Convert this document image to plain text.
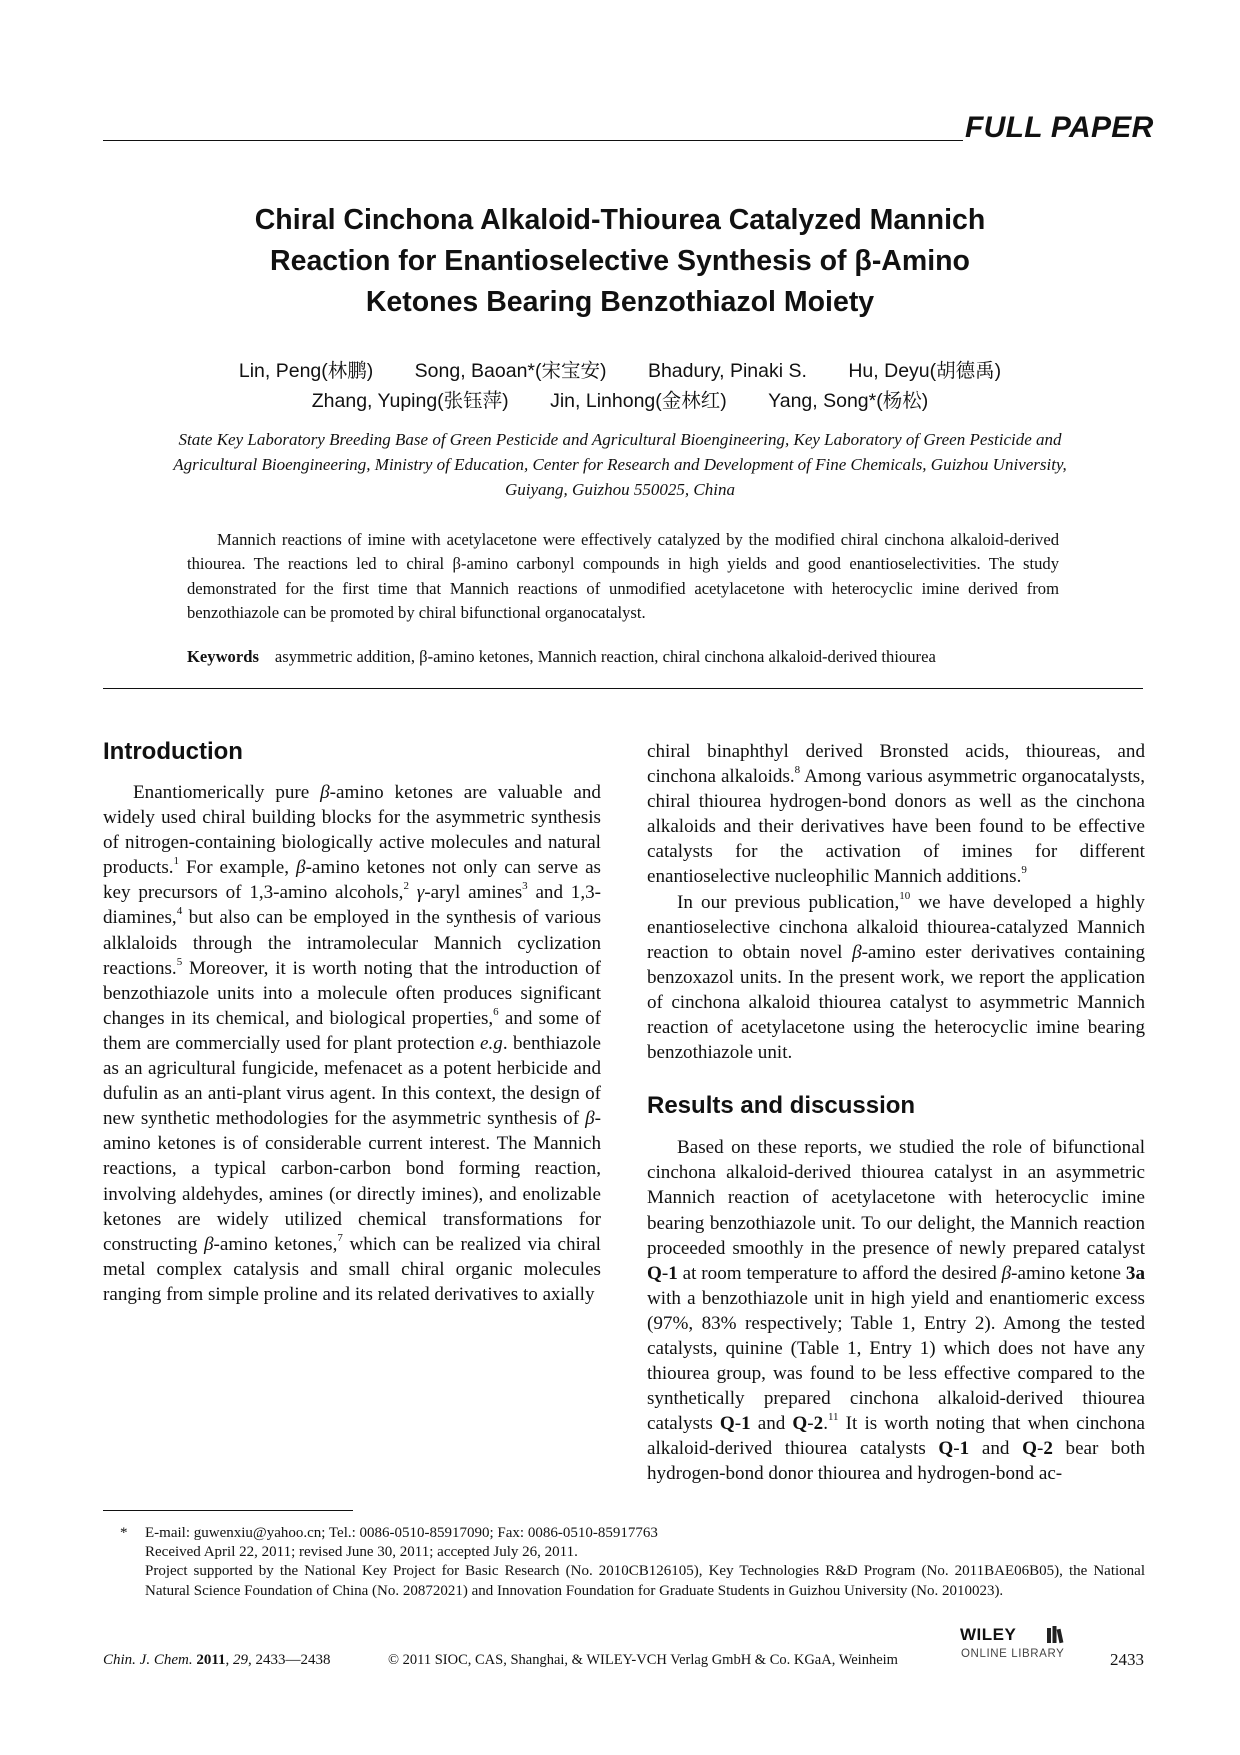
FULL PAPER
Chiral Cinchona Alkaloid-Thiourea Catalyzed Mannich
Reaction for Enantioselective Synthesis of β-Amino
Ketones Bearing Benzothiazol Moiety
Lin, Peng(林鹏) Song, Baoan*(宋宝安) Bhadury, Pinaki S. Hu, Deyu(胡德禹)
Zhang, Yuping(张钰萍) Jin, Linhong(金林红) Yang, Song*(杨松)
State Key Laboratory Breeding Base of Green Pesticide and Agricultural Bioengineering, Key Laboratory of Green Pesticide and Agricultural Bioengineering, Ministry of Education, Center for Research and Development of Fine Chemicals, Guizhou University, Guiyang, Guizhou 550025, China
Mannich reactions of imine with acetylacetone were effectively catalyzed by the modified chiral cinchona alkaloid-derived thiourea. The reactions led to chiral β-amino carbonyl compounds in high yields and good enantioselectivities. The study demonstrated for the first time that Mannich reactions of unmodified acetylacetone with heterocyclic imine derived from benzothiazole can be promoted by chiral bifunctional organocatalyst.
Keywords asymmetric addition, β-amino ketones, Mannich reaction, chiral cinchona alkaloid-derived thiourea
Introduction

Enantiomerically pure β-amino ketones are valuable and widely used chiral building blocks for the asymmetric synthesis of nitrogen-containing biologically active molecules and natural products.$^1$ For example, β-amino ketones not only can serve as key precursors of 1,3-amino alcohols,$^2$ γ-aryl amines$^3$ and 1,3-diamines,$^4$ but also can be employed in the synthesis of various alklaloids through the intramolecular Mannich cyclization reactions.$^5$ Moreover, it is worth noting that the introduction of benzothiazole units into a molecule often produces significant changes in its chemical, and biological properties,$^6$ and some of them are commercially used for plant protection e.g. benthiazole as an agricultural fungicide, mefenacet as a potent herbicide and dufulin as an anti-plant virus agent. In this context, the design of new synthetic methodologies for the asymmetric synthesis of β-amino ketones is of considerable current interest. The Mannich reactions, a typical carbon-carbon bond forming reaction, involving aldehydes, amines (or directly imines), and enolizable ketones are widely utilized chemical transformations for constructing β-amino ketones,$^7$ which can be realized via chiral metal complex catalysis and small chiral organic molecules ranging from simple proline and its related derivatives to axially

chiral binaphthyl derived Bronsted acids, thioureas, and cinchona alkaloids.$^8$ Among various asymmetric organocatalysts, chiral thiourea hydrogen-bond donors as well as the cinchona alkaloids and their derivatives have been found to be effective catalysts for the activation of imines for different enantioselective nucleophilic Mannich additions.$^9$

In our previous publication,$^{10}$ we have developed a highly enantioselective cinchona alkaloid thiourea-catalyzed Mannich reaction to obtain novel β-amino ester derivatives containing benzoxazol units. In the present work, we report the application of cinchona alkaloid thiourea catalyst to asymmetric Mannich reaction of acetylacetone using the heterocyclic imine bearing benzothiazole unit.

Results and discussion

Based on these reports, we studied the role of bifunctional cinchona alkaloid-derived thiourea catalyst in an asymmetric Mannich reaction of acetylacetone with heterocyclic imine bearing benzothiazole unit. To our delight, the Mannich reaction proceeded smoothly in the presence of newly prepared catalyst Q-1 at room temperature to afford the desired β-amino ketone 3a with a benzothiazole unit in high yield and enantiomeric excess (97%, 83% respectively; Table 1, Entry 2). Among the tested catalysts, quinine (Table 1, Entry 1) which does not have any thiourea group, was found to be less effective compared to the synthetically prepared cinchona alkaloid-derived thiourea catalysts Q-1 and Q-2.11 It is worth noting that when cinchona alkaloid-derived thiourea catalysts Q-1 and Q-2 bear both hydrogen-bond donor thiourea and hydrogen-bond ac-

*	E-mail: guwenxiu@yahoo.cn; Tel.: 0086-0510-85917090; Fax: 0086-0510-85917763
Received April 22, 2011; revised June 30, 2011; accepted July 26, 2011.
Project supported by the National Key Project for Basic Research (No. 2010CB126105), Key Technologies R&D Program (No. 2011BAE06B05), the National Natural Science Foundation of China (No. 20872021) and Innovation Foundation for Graduate Students in Guizhou University (No. 2010023).
Chin. J. Chem. 2011, 29, 2433—2438	© 2011 SIOC, CAS, Shanghai, & WILEY-VCH Verlag GmbH & Co. KGaA, Weinheim
WILEY
ONLINE LIBRARY	2433
